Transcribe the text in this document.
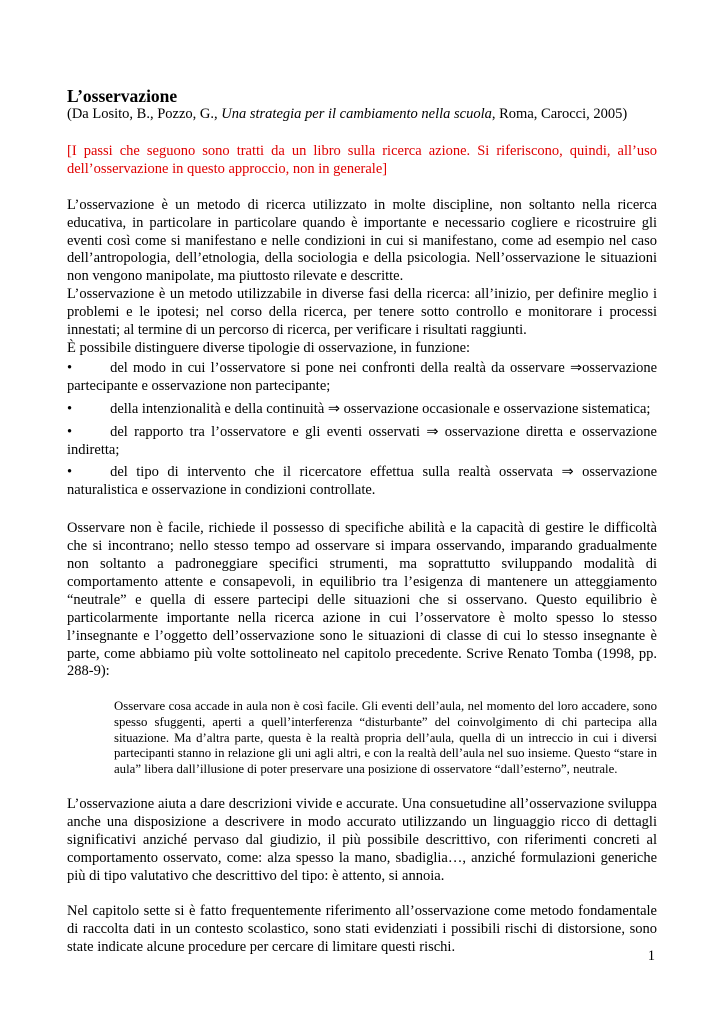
L’osservazione

(Da Losito, B., Pozzo, G., Una strategia per il cambiamento nella scuola, Roma, Carocci, 2005)

[I passi che seguono sono tratti da un libro sulla ricerca azione. Si riferiscono, quindi, all’uso dell’osservazione in questo approccio, non in generale]

L’osservazione è un metodo di ricerca utilizzato in molte discipline, non soltanto nella ricerca educativa, in particolare in particolare quando è importante e necessario cogliere e ricostruire gli eventi così come si manifestano e nelle condizioni in cui si manifestano, come ad esempio nel caso dell’antropologia, dell’etnologia, della sociologia e della psicologia. Nell’osservazione le situazioni non vengono manipolate, ma piuttosto rilevate e descritte.

L’osservazione è un metodo utilizzabile in diverse fasi della ricerca: all’inizio, per definire meglio i problemi e le ipotesi; nel corso della ricerca, per tenere sotto controllo e monitorare i processi innestati; al termine di un percorso di ricerca, per verificare i risultati raggiunti.

È possibile distinguere diverse tipologie di osservazione, in funzione:

•	del modo in cui l’osservatore si pone nei confronti della realtà da osservare ⇒osservazione partecipante e osservazione non partecipante;
•	della intenzionalità e della continuità ⇒ osservazione occasionale e osservazione sistematica;
•	del rapporto tra l’osservatore e gli eventi osservati ⇒ osservazione diretta e osservazione indiretta;
•	del tipo di intervento che il ricercatore effettua sulla realtà osservata ⇒ osservazione naturalistica e osservazione in condizioni controllate.

Osservare non è facile, richiede il possesso di specifiche abilità e la capacità di gestire le difficoltà che si incontrano; nello stesso tempo ad osservare si impara osservando, imparando gradualmente non soltanto a padroneggiare specifici strumenti, ma soprattutto sviluppando modalità di comportamento attente e consapevoli, in equilibrio tra l’esigenza di mantenere un atteggiamento “neutrale” e quella di essere partecipi delle situazioni che si osservano. Questo equilibrio è particolarmente importante nella ricerca azione in cui l’osservatore è molto spesso lo stesso l’insegnante e l’oggetto dell’osservazione sono le situazioni di classe di cui lo stesso insegnante è parte, come abbiamo più volte sottolineato nel capitolo precedente. Scrive Renato Tomba (1998, pp. 288-9):

Osservare cosa accade in aula non è così facile. Gli eventi dell’aula, nel momento del loro accadere, sono spesso sfuggenti, aperti a quell’interferenza “disturbante” del coinvolgimento di chi partecipa alla situazione. Ma d’altra parte, questa è la realtà propria dell’aula, quella di un intreccio in cui i diversi partecipanti stanno in relazione gli uni agli altri, e con la realtà dell’aula nel suo insieme. Questo “stare in aula” libera dall’illusione di poter preservare una posizione di osservatore “dall’esterno”, neutrale.

L’osservazione aiuta a dare descrizioni vivide e accurate. Una consuetudine all’osservazione sviluppa anche una disposizione a descrivere in modo accurato utilizzando un linguaggio ricco di dettagli significativi anziché pervaso dal giudizio, il più possibile descrittivo, con riferimenti concreti al comportamento osservato, come: alza spesso la mano, sbadiglia…, anziché formulazioni generiche più di tipo valutativo che descrittivo del tipo: è attento, si annoia.

Nel capitolo sette si è fatto frequentemente riferimento all’osservazione come metodo fondamentale di raccolta dati in un contesto scolastico, sono stati evidenziati i possibili rischi di distorsione, sono state indicate alcune procedure per cercare di limitare questi rischi.

1
